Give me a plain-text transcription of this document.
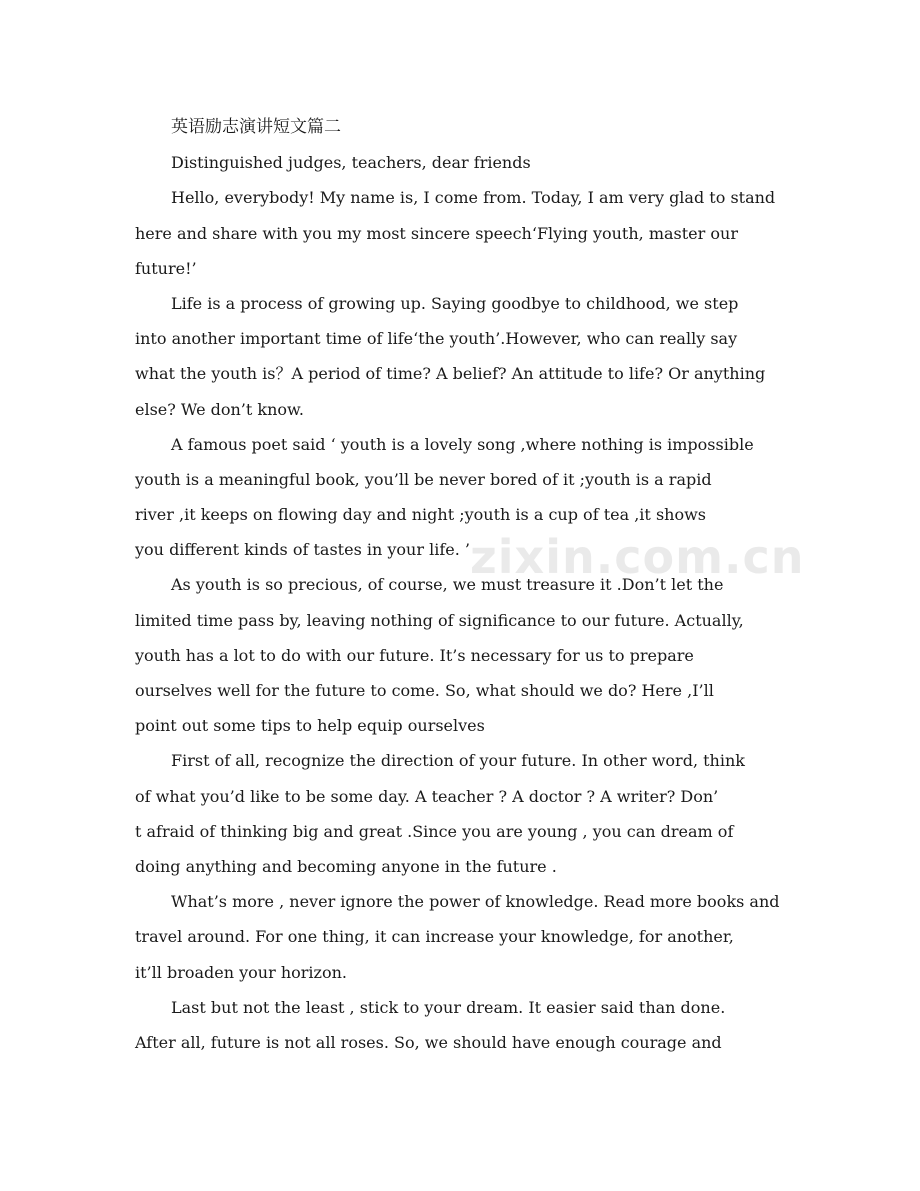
英语励志演讲短文篇二
Distinguished judges, teachers, dear friends
Hello, everybody! My name is, I come from. Today, I am very glad to stand
here and share with you my most sincere speech‘Flying youth, master our
future!’
Life is a process of growing up. Saying goodbye to childhood, we step
into another important time of life‘the youth’.However, who can really say
what the youth is？A period of time? A belief? An attitude to life? Or anything
else? We don’t know.
A famous poet said ‘ youth is a lovely song ,where nothing is impossible
youth is a meaningful book, you’ll be never bored of it ;youth is a rapid
river ,it keeps on flowing day and night ;youth is a cup of tea ,it shows
you different kinds of tastes in your life. ’
As youth is so precious, of course, we must treasure it .Don’t let the
limited time pass by, leaving nothing of significance to our future. Actually,
youth has a lot to do with our future. It’s necessary for us to prepare
ourselves well for the future to come. So, what should we do? Here ,I’ll
point out some tips to help equip ourselves
First of all, recognize the direction of your future. In other word, think
of what you’d like to be some day. A teacher ? A doctor ? A writer? Don’
t afraid of thinking big and great .Since you are young , you can dream of
doing anything and becoming anyone in the future .
What’s more , never ignore the power of knowledge. Read more books and
travel around. For one thing, it can increase your knowledge, for another,
it’ll broaden your horizon.
Last but not the least , stick to your dream. It easier said than done.
After all, future is not all roses. So, we should have enough courage and
zixin.com.cn
